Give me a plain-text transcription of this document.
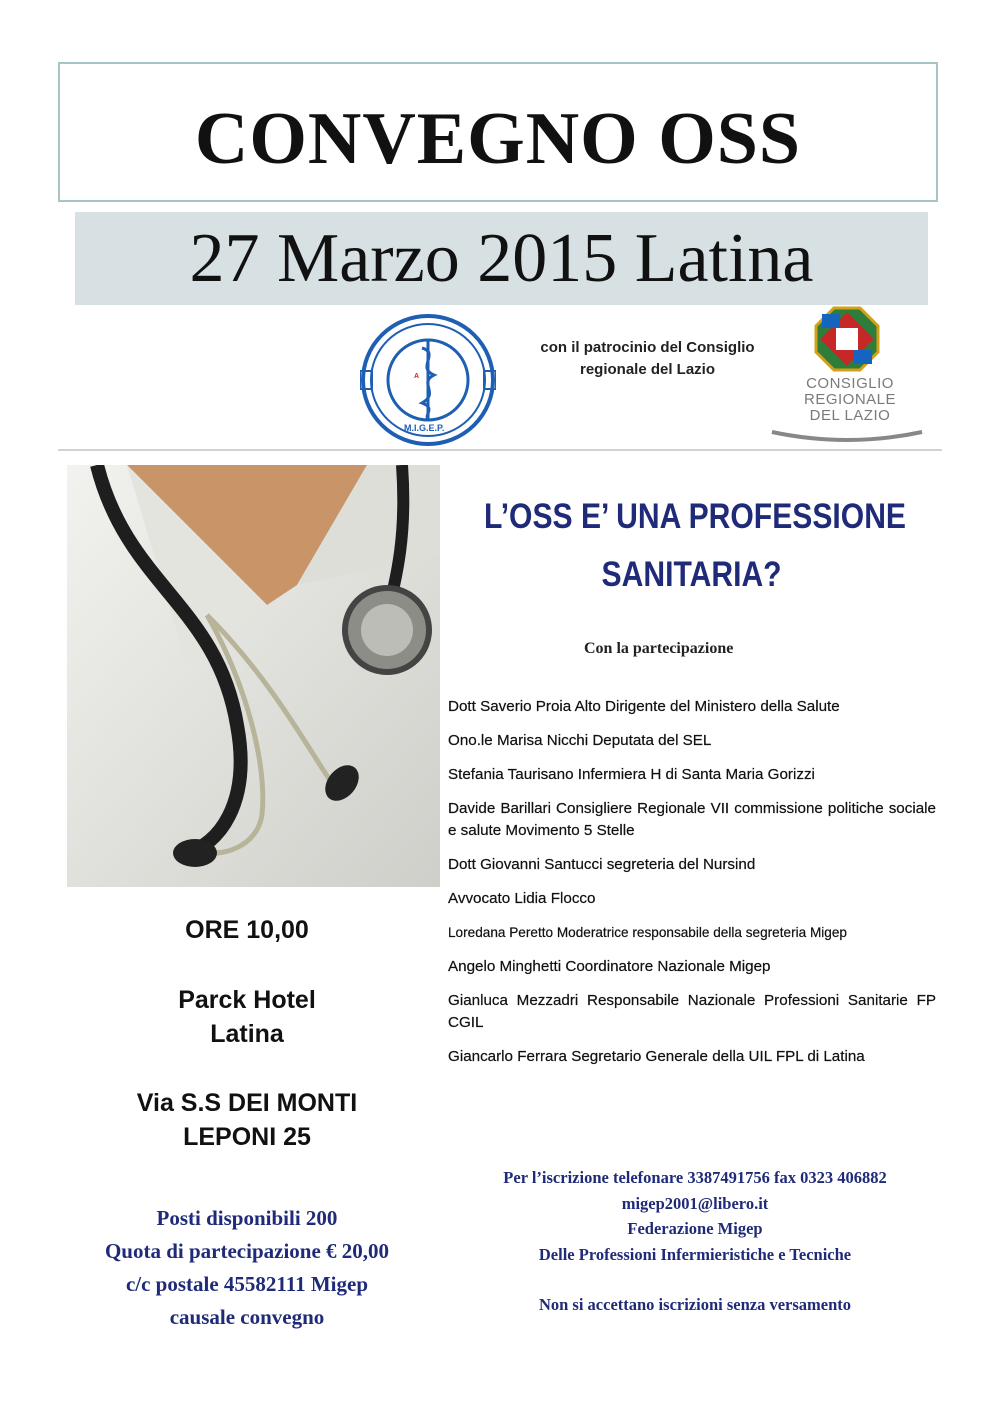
CONVEGNO OSS
27 Marzo 2015 Latina
A
M.I.G.E.P.
con il patrocinio del Consiglio
regionale del Lazio
CONSIGLIO
REGIONALE
DEL LAZIO
L’OSS E’ UNA PROFESSIONE
SANITARIA?
Con la partecipazione
Dott Saverio Proia Alto Dirigente del Ministero della Salute
Ono.le Marisa Nicchi Deputata del SEL
Stefania Taurisano Infermiera H di Santa Maria Gorizzi
Davide Barillari Consigliere Regionale VII commissione politiche sociale e salute Movimento 5 Stelle
Dott Giovanni Santucci segreteria del Nursind
Avvocato Lidia Flocco
Loredana Peretto Moderatrice responsabile della segreteria Migep
Angelo Minghetti Coordinatore Nazionale Migep
Gianluca Mezzadri Responsabile Nazionale Professioni Sanitarie FP CGIL
Giancarlo Ferrara Segretario Generale della UIL FPL di Latina
ORE 10,00
Parck Hotel
Latina
Via S.S DEI MONTI
LEPONI 25
Posti disponibili 200
Quota di partecipazione € 20,00
c/c postale 45582111 Migep
causale convegno
Per l’iscrizione telefonare 3387491756 fax 0323 406882
migep2001@libero.it
Federazione Migep
Delle Professioni Infermieristiche e Tecniche
Non si accettano iscrizioni senza versamento
